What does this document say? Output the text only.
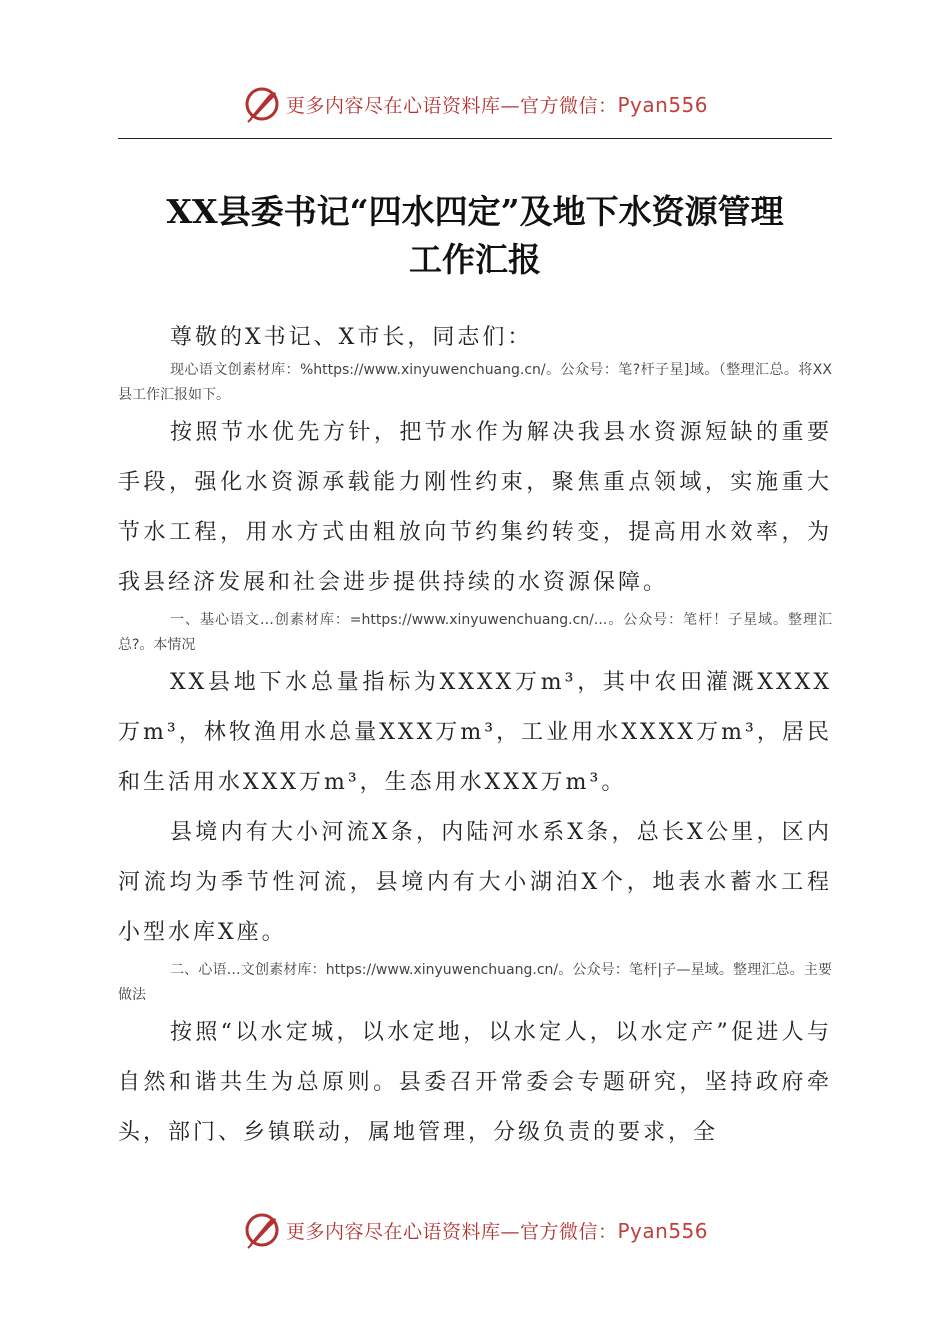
更多内容尽在心语资料库—官方微信：Pyan556
XX县委书记“四水四定”及地下水资源管理
工作汇报

尊敬的X书记、X市长，同志们：

现心语文创素材库：%https://www.xinyuwenchuang.cn/。公众号：笔?杆子星]域。（整理汇总。将XX县工作汇报如下。

按照节水优先方针，把节水作为解决我县水资源短缺的重要手段，强化水资源承载能力刚性约束，聚焦重点领域，实施重大节水工程，用水方式由粗放向节约集约转变，提高用水效率，为我县经济发展和社会进步提供持续的水资源保障。

一、基心语文…创素材库：=https://www.xinyuwenchuang.cn/...。公众号：笔杆！子星域。整理汇总?。本情况

XX县地下水总量指标为XXXX万m³，其中农田灌溉XXXX万m³，林牧渔用水总量XXX万m³，工业用水XXXX万m³，居民和生活用水XXX万m³，生态用水XXX万m³。

县境内有大小河流X条，内陆河水系X条，总长X公里，区内河流均为季节性河流，县境内有大小湖泊X个，地表水蓄水工程小型水库X座。

二、心语…文创素材库：https://www.xinyuwenchuang.cn/。公众号：笔杆|子—星域。整理汇总。主要做法

按照“以水定城，以水定地，以水定人，以水定产”促进人与自然和谐共生为总原则。县委召开常委会专题研究，坚持政府牵头，部门、乡镇联动，属地管理，分级负责的要求，全

更多内容尽在心语资料库—官方微信：Pyan556
